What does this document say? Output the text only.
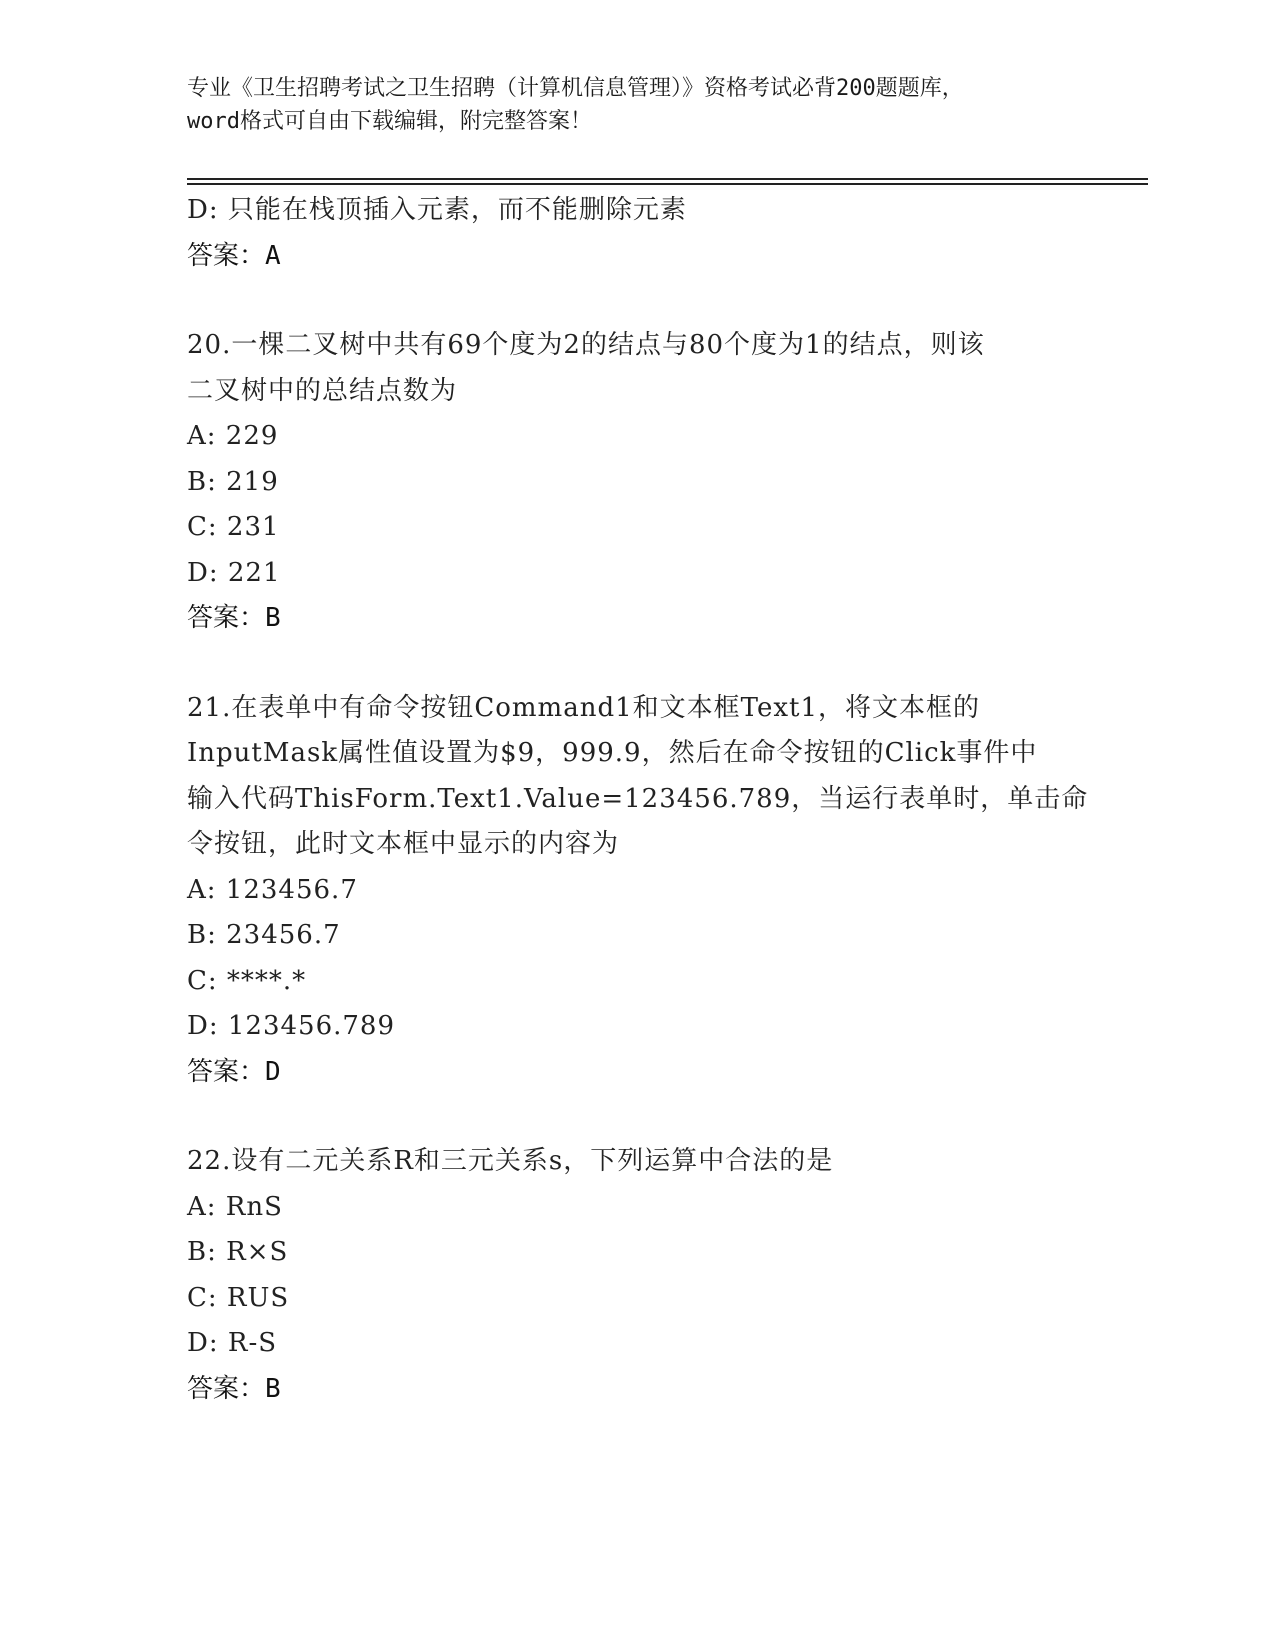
专业《卫生招聘考试之卫生招聘（计算机信息管理）》资格考试必背200题题库，
word格式可自由下载编辑，附完整答案！
D: 只能在栈顶插入元素，而不能删除元素
答案：A
20.一棵二叉树中共有69个度为2的结点与80个度为1的结点，则该
二叉树中的总结点数为
A: 229
B: 219
C: 231
D: 221
答案：B
21.在表单中有命令按钮Command1和文本框Text1，将文本框的
InputMask属性值设置为$9，999.9，然后在命令按钮的Click事件中
输入代码ThisForm.Text1.Value=123456.789，当运行表单时，单击命
令按钮，此时文本框中显示的内容为
A: 123456.7
B: 23456.7
C: ****.*
D: 123456.789
答案：D
22.设有二元关系R和三元关系s，下列运算中合法的是
A: RnS
B: R×S
C: RUS
D: R-S
答案：B
